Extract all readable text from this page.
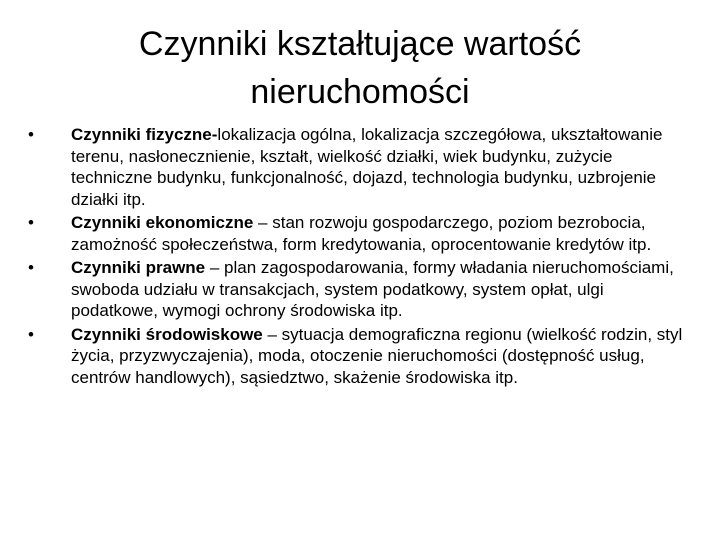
Czynniki kształtujące wartość
nieruchomości
•	Czynniki fizyczne-lokalizacja ogólna, lokalizacja szczegółowa, ukształtowanie terenu, nasłonecznienie, kształt, wielkość działki, wiek budynku, zużycie techniczne budynku, funkcjonalność, dojazd, technologia budynku, uzbrojenie działki itp.
•	Czynniki ekonomiczne – stan rozwoju gospodarczego, poziom bezrobocia, zamożność społeczeństwa, form kredytowania, oprocentowanie kredytów itp.
•	Czynniki prawne – plan zagospodarowania, formy władania nieruchomościami, swoboda udziału w transakcjach, system podatkowy, system opłat, ulgi podatkowe, wymogi ochrony środowiska itp.
•	Czynniki środowiskowe – sytuacja demograficzna regionu (wielkość rodzin, styl życia, przyzwyczajenia), moda, otoczenie nieruchomości (dostępność usług, centrów handlowych), sąsiedztwo, skażenie środowiska itp.
